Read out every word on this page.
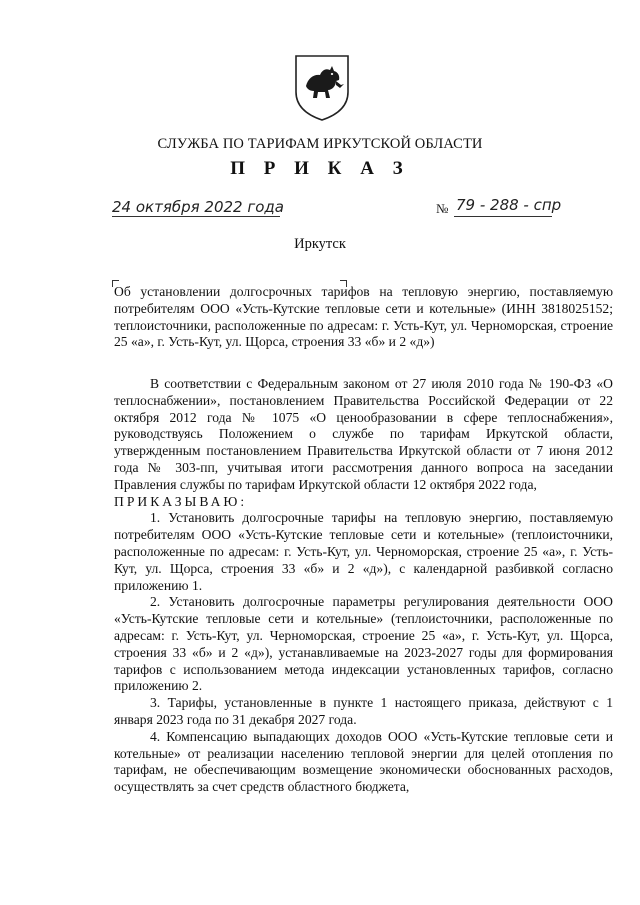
СЛУЖБА ПО ТАРИФАМ ИРКУТСКОЙ ОБЛАСТИ
П Р И К А З
24 октября 2022 года	№ 79 - 288 - спр
Иркутск
Об установлении долгосрочных тарифов на тепловую энергию, поставляемую потребителям ООО «Усть-Кутские тепловые сети и котельные» (ИНН 3818025152; теплоисточники, расположенные по адресам: г. Усть-Кут, ул. Черноморская, строение 25 «а», г. Усть-Кут, ул. Щорса, строения 33 «б» и 2 «д»)

В соответствии с Федеральным законом от 27 июля 2010 года № 190-ФЗ «О теплоснабжении», постановлением Правительства Российской Федерации от 22 октября 2012 года № 1075 «О ценообразовании в сфере теплоснабжения», руководствуясь Положением о службе по тарифам Иркутской области, утвержденным постановлением Правительства Иркутской области от 7 июня 2012 года № 303-пп, учитывая итоги рассмотрения данного вопроса на заседании Правления службы по тарифам Иркутской области 12 октября 2022 года,

ПРИКАЗЫВАЮ:

1. Установить долгосрочные тарифы на тепловую энергию, поставляемую потребителям ООО «Усть-Кутские тепловые сети и котельные» (теплоисточники, расположенные по адресам: г. Усть-Кут, ул. Черноморская, строение 25 «а», г. Усть-Кут, ул. Щорса, строения 33 «б» и 2 «д»), с календарной разбивкой согласно приложению 1.

2. Установить долгосрочные параметры регулирования деятельности ООО «Усть-Кутские тепловые сети и котельные» (теплоисточники, расположенные по адресам: г. Усть-Кут, ул. Черноморская, строение 25 «а», г. Усть-Кут, ул. Щорса, строения 33 «б» и 2 «д»), устанавливаемые на 2023-2027 годы для формирования тарифов с использованием метода индексации установленных тарифов, согласно приложению 2.

3. Тарифы, установленные в пункте 1 настоящего приказа, действуют с 1 января 2023 года по 31 декабря 2027 года.

4. Компенсацию выпадающих доходов ООО «Усть-Кутские тепловые сети и котельные» от реализации населению тепловой энергии для целей отопления по тарифам, не обеспечивающим возмещение экономически обоснованных расходов, осуществлять за счет средств областного бюджета,
